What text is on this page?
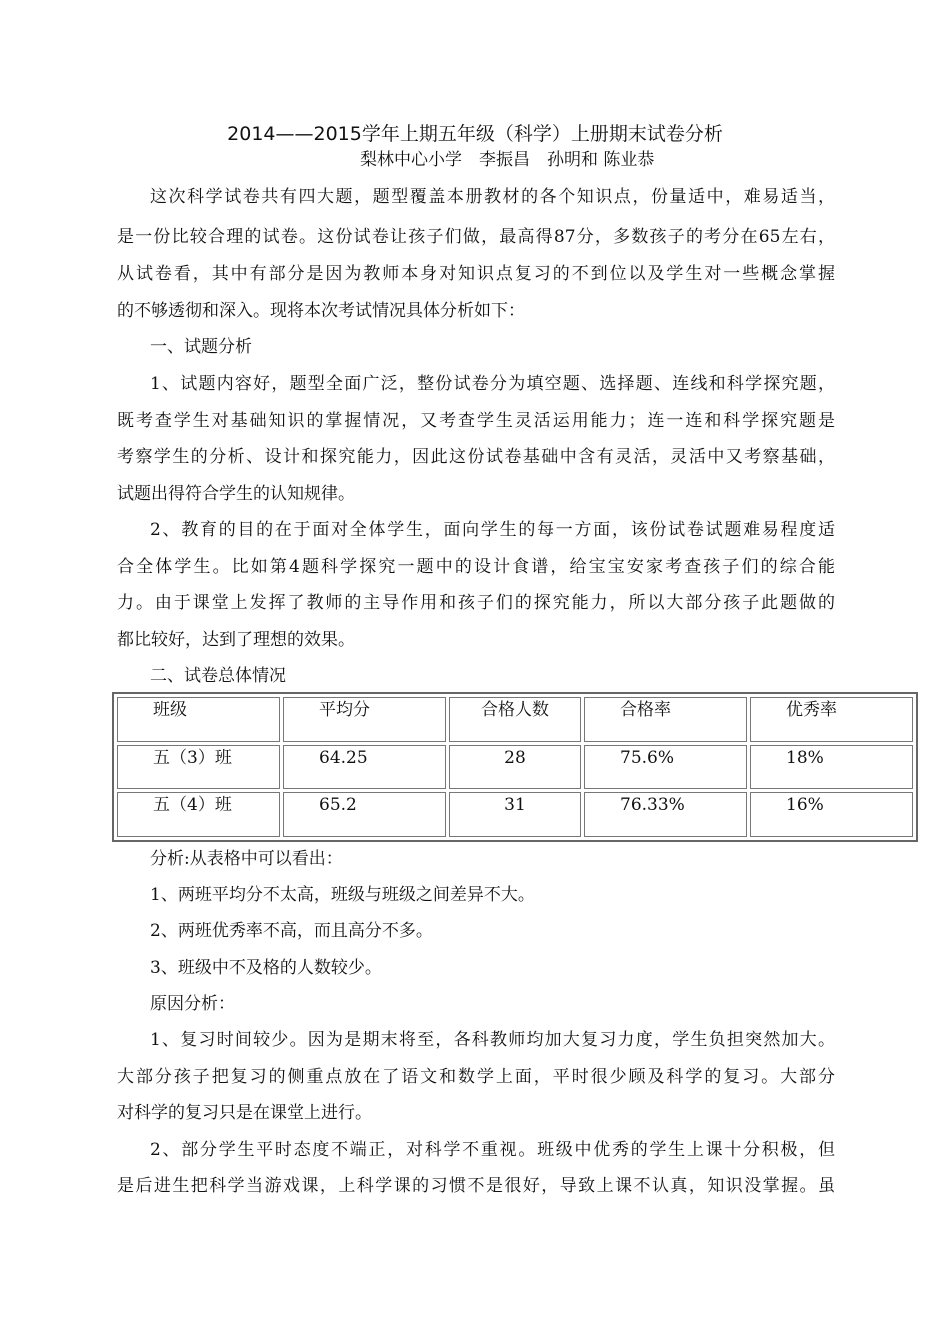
2014——2015学年上期五年级（科学）上册期末试卷分析
梨林中心小学　李振昌　孙明和 陈业恭
这次科学试卷共有四大题，题型覆盖本册教材的各个知识点，份量适中，难易适当，
是一份比较合理的试卷。这份试卷让孩子们做，最高得87分，多数孩子的考分在65左右，
从试卷看，其中有部分是因为教师本身对知识点复习的不到位以及学生对一些概念掌握
的不够透彻和深入。现将本次考试情况具体分析如下：
一、试题分析
1、试题内容好，题型全面广泛，整份试卷分为填空题、选择题、连线和科学探究题，
既考查学生对基础知识的掌握情况，又考查学生灵活运用能力；连一连和科学探究题是
考察学生的分析、设计和探究能力，因此这份试卷基础中含有灵活，灵活中又考察基础，
试题出得符合学生的认知规律。
2、教育的目的在于面对全体学生，面向学生的每一方面，该份试卷试题难易程度适
合全体学生。比如第4题科学探究一题中的设计食谱，给宝宝安家考查孩子们的综合能
力。由于课堂上发挥了教师的主导作用和孩子们的探究能力，所以大部分孩子此题做的
都比较好，达到了理想的效果。
二、试卷总体情况
班级	平均分	合格人数	合格率	优秀率
五（3）班	64.25	28	75.6%	18%
五（4）班	65.2	31	76.33%	16%
分析:从表格中可以看出：
1、两班平均分不太高，班级与班级之间差异不大。
2、两班优秀率不高，而且高分不多。
3、班级中不及格的人数较少。
原因分析：
1、复习时间较少。因为是期末将至，各科教师均加大复习力度，学生负担突然加大。
大部分孩子把复习的侧重点放在了语文和数学上面，平时很少顾及科学的复习。大部分
对科学的复习只是在课堂上进行。
2、部分学生平时态度不端正，对科学不重视。班级中优秀的学生上课十分积极，但
是后进生把科学当游戏课，上科学课的习惯不是很好，导致上课不认真，知识没掌握。虽
